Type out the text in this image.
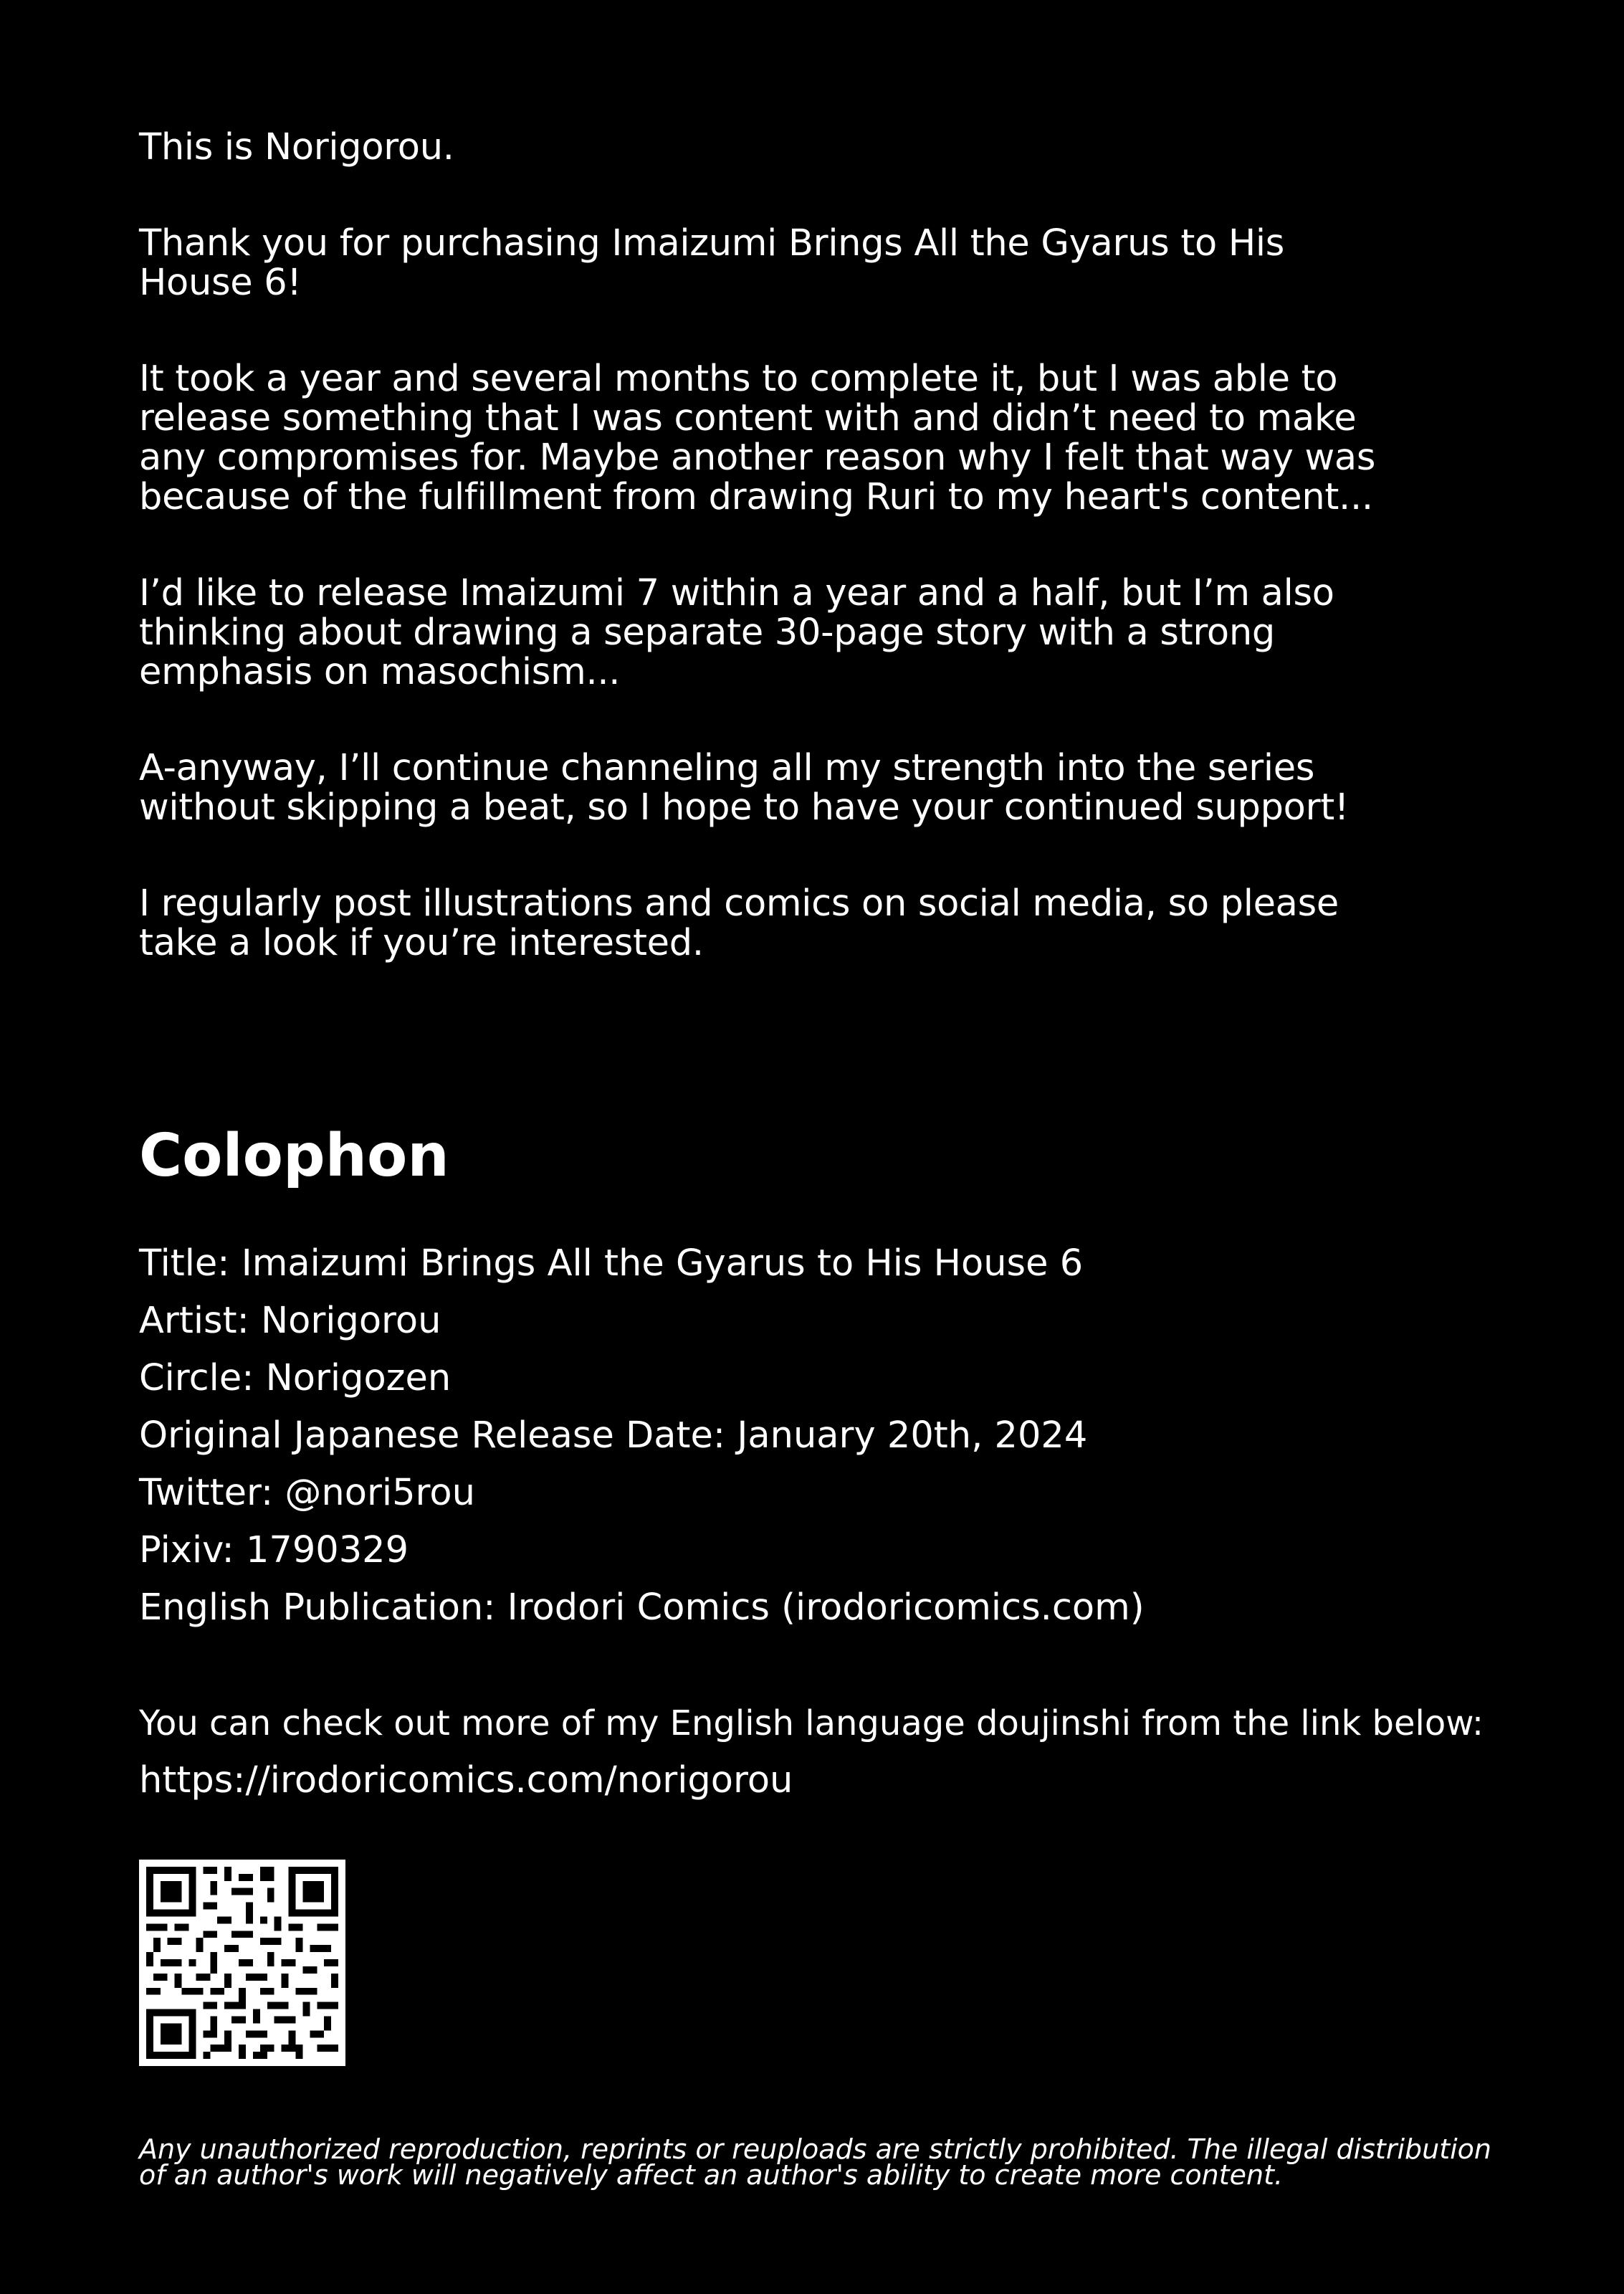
This is Norigorou.

Thank you for purchasing Imaizumi Brings All the Gyarus to His House 6!

It took a year and several months to complete it, but I was able to release something that I was content with and didn’t need to make any compromises for. Maybe another reason why I felt that way was because of the fulfillment from drawing Ruri to my heart's content...

I’d like to release Imaizumi 7 within a year and a half, but I’m also thinking about drawing a separate 30-page story with a strong emphasis on masochism...

A-anyway, I’ll continue channeling all my strength into the series without skipping a beat, so I hope to have your continued support!

I regularly post illustrations and comics on social media, so please take a look if you’re interested.

Colophon
Title: Imaizumi Brings All the Gyarus to His House 6
Artist: Norigorou
Circle: Norigozen
Original Japanese Release Date: January 20th, 2024
Twitter: @nori5rou
Pixiv: 1790329
English Publication: Irodori Comics (irodoricomics.com)
You can check out more of my English language doujinshi from the link below:
https://irodoricomics.com/norigorou

Any unauthorized reproduction, reprints or reuploads are strictly prohibited. The illegal distribution of an author's work will negatively affect an author's ability to create more content.
